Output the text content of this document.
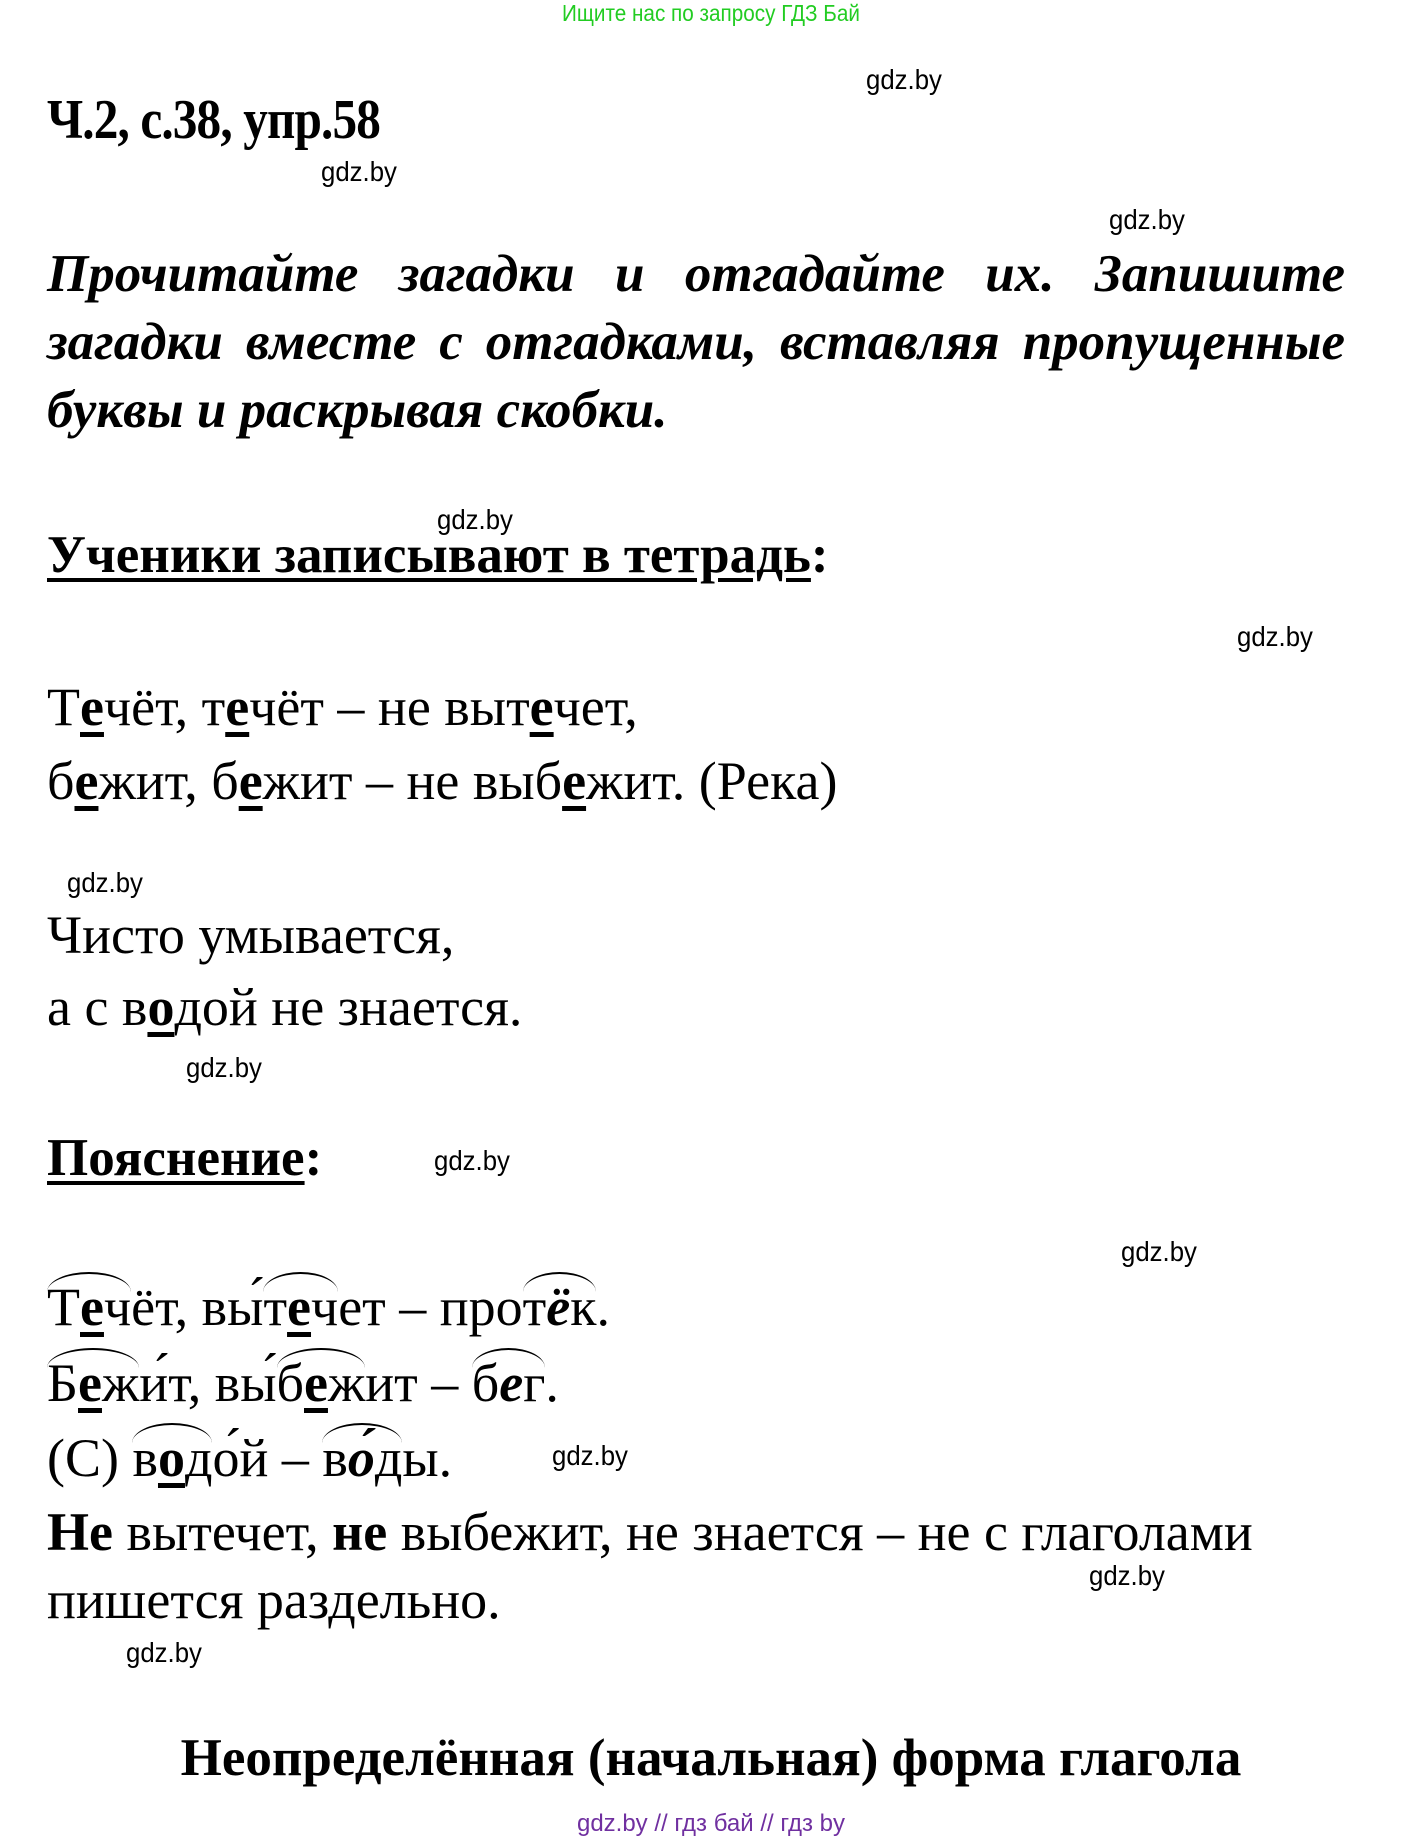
Ищите нас по запросу ГДЗ Бай
Ч.2, с.38, упр.58
Прочитайте загадки и отгадайте их. Запишите загадки вместе с отгадками, вставляя пропущенные буквы и раскрывая скобки.
Ученики записывают в тетрадь:
Пояснение:
Течёт, течёт – не вытечет,
бежит, бежит – не выбежит. (Река)
Чисто умывается,
а с водой не знается.
Течёт, вы́течет – протёк.
Бежи́т, вы́бежит – бег.
(С) водо́й – во́ды.
Не вытечет, не выбежит, не знается – не с глаголами
пишется раздельно.
Неопределённая (начальная) форма глагола
gdz.by // гдз бай // гдз by
gdz.by
gdz.by
gdz.by
gdz.by
gdz.by
gdz.by
gdz.by
gdz.by
gdz.by
gdz.by
gdz.by
gdz.by
